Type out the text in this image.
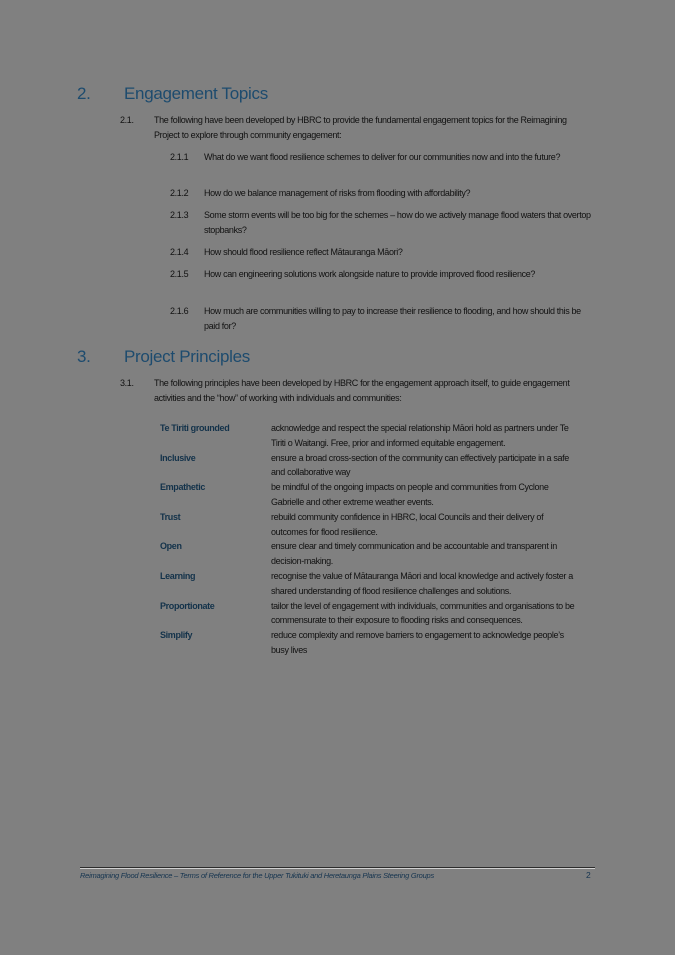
2. Engagement Topics
2.1. The following have been developed by HBRC to provide the fundamental engagement topics for the Reimagining Project to explore through community engagement:
2.1.1 What do we want flood resilience schemes to deliver for our communities now and into the future?
2.1.2 How do we balance management of risks from flooding with affordability?
2.1.3 Some storm events will be too big for the schemes – how do we actively manage flood waters that overtop stopbanks?
2.1.4 How should flood resilience reflect Mātauranga Māori?
2.1.5 How can engineering solutions work alongside nature to provide improved flood resilience?
2.1.6 How much are communities willing to pay to increase their resilience to flooding, and how should this be paid for?
3. Project Principles
3.1. The following principles have been developed by HBRC for the engagement approach itself, to guide engagement activities and the “how” of working with individuals and communities:
Te Tiriti grounded	acknowledge and respect the special relationship Māori hold as partners under Te Tiriti o Waitangi. Free, prior and informed equitable engagement.
Inclusive	ensure a broad cross-section of the community can effectively participate in a safe and collaborative way
Empathetic	be mindful of the ongoing impacts on people and communities from Cyclone Gabrielle and other extreme weather events.
Trust	rebuild community confidence in HBRC, local Councils and their delivery of outcomes for flood resilience.
Open	ensure clear and timely communication and be accountable and transparent in decision-making.
Learning	recognise the value of Mātauranga Māori and local knowledge and actively foster a shared understanding of flood resilience challenges and solutions.
Proportionate	tailor the level of engagement with individuals, communities and organisations to be commensurate to their exposure to flooding risks and consequences.
Simplify	reduce complexity and remove barriers to engagement to acknowledge people’s busy lives
Reimagining Flood Resilience – Terms of Reference for the Upper Tukituki and Heretaunga Plains Steering Groups	2
